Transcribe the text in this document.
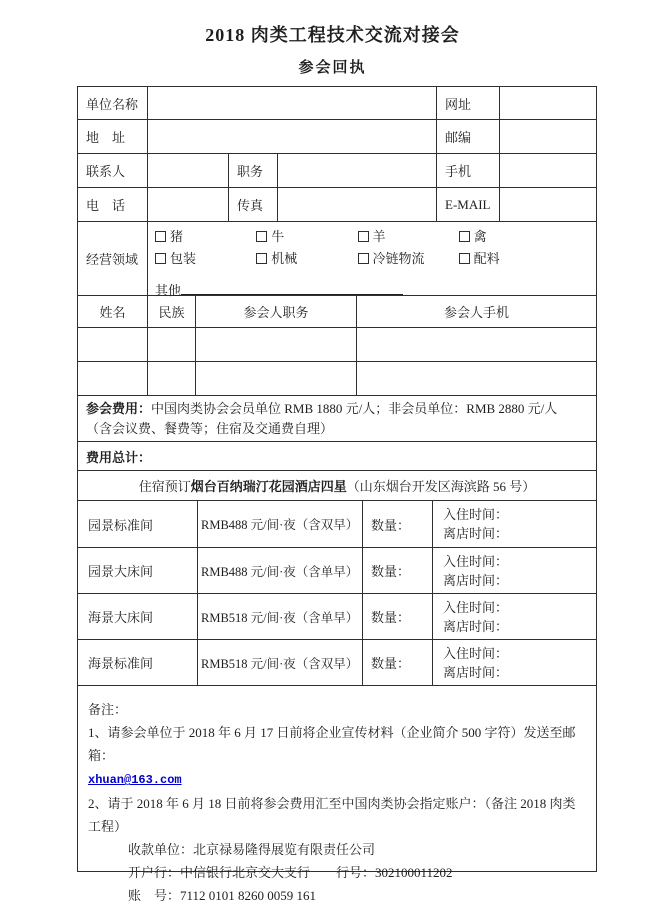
2018 肉类工程技术交流对接会
参会回执
单位名称	网址
地　址	邮编
联系人	职务	手机
电　话	传真	E-MAIL
经营领域
猪	牛	羊	禽
包装	机械	冷链物流	配料
其他
姓名	民族	参会人职务	参会人手机
参会费用：中国肉类协会会员单位 RMB 1880 元/人；非会员单位：RMB 2880 元/人
（含会议费、餐费等；住宿及交通费自理）
费用总计：
住宿预订 烟台百纳瑞汀花园酒店四星 （山东烟台开发区海滨路 56 号）
园景标准间	RMB488 元/间·夜（含双早） 数量：
入住时间：
离店时间：
园景大床间	RMB488 元/间·夜（含单早） 数量：
入住时间：
离店时间：
海景大床间	RMB518 元/间·夜（含单早） 数量：
入住时间：
离店时间：
海景标准间	RMB518 元/间·夜（含双早） 数量：
入住时间：
离店时间：
备注：
1、请参会单位于 2018 年 6 月 17 日前将企业宣传材料（企业简介 500 字符）发送至邮箱：
xhuan@163.com
2、请于 2018 年 6 月 18 日前将参会费用汇至中国肉类协会指定账户：（备注 2018 肉类工程）
收款单位：北京禄易隆得展览有限责任公司
开户行：中信银行北京交大支行　　行号：302100011202
账　号：7112 0101 8260 0059 161
